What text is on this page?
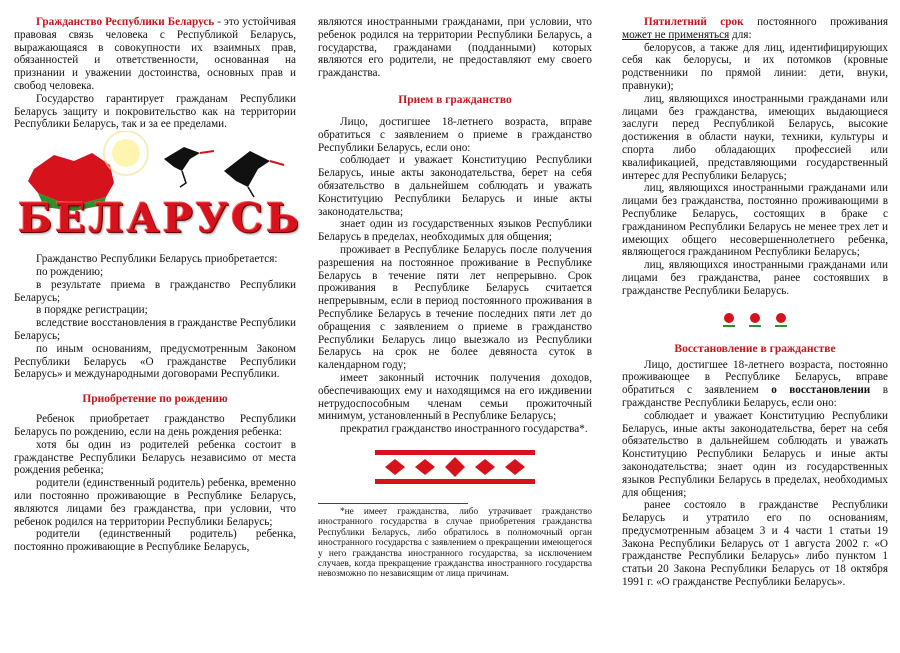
Гражданство Республики Беларусь - это устойчивая правовая связь человека с Республикой Беларусь, выражающаяся в совокупности их взаимных прав, обязанностей и ответственности, основанная на признании и уважении достоинства, основных прав и свобод человека.

Государство гарантирует гражданам Республики Беларусь защиту и покровительство как на территории Республики Беларусь, так и за ее пределами.

БЕЛАРУСЬ

Гражданство Республики Беларусь приобретается:

по рождению;

в результате приема в гражданство Республики Беларусь;

в порядке регистрации;

вследствие восстановления в гражданстве Республики Беларусь;

по иным основаниям, предусмотренным Законом Республики Беларусь «О гражданстве Республики Беларусь» и международными договорами Республики.

Приобретение по рождению

Ребенок приобретает гражданство Республики Беларусь по рождению, если на день рождения ребенка:

хотя бы один из родителей ребенка состоит в гражданстве Республики Беларусь независимо от места рождения ребенка;

родители (единственный родитель) ребенка, временно или постоянно проживающие в Республике Беларусь, являются лицами без гражданства, при условии, что ребенок родился на территории Республики Беларусь;

родители (единственный родитель) ребенка, постоянно проживающие в Республике Беларусь,

являются иностранными гражданами, при условии, что ребенок родился на территории Республики Беларусь, а государства, гражданами (подданными) которых являются его родители, не предоставляют ему своего гражданства.

Прием в гражданство

Лицо, достигшее 18-летнего возраста, вправе обратиться с заявлением о приеме в гражданство Республики Беларусь, если оно:

соблюдает и уважает Конституцию Республики Беларусь, иные акты законодательства, берет на себя обязательство в дальнейшем соблюдать и уважать Конституцию Республики Беларусь и иные акты законодательства;

знает один из государственных языков Республики Беларусь в пределах, необходимых для общения;

проживает в Республике Беларусь после получения разрешения на постоянное проживание в Республике Беларусь в течение пяти лет непрерывно. Срок проживания в Республике Беларусь считается непрерывным, если в период постоянного проживания в Республике Беларусь в течение последних пяти лет до обращения с заявлением о приеме в гражданство Республики Беларусь лицо выезжало из Республики Беларусь на срок не более девяноста суток в календарном году;

имеет законный источник получения доходов, обеспечивающих ему и находящимся на его иждивении нетрудоспособным членам семьи прожиточный минимум, установленный в Республике Беларусь;

прекратил гражданство иностранного государства*.

*не имеет гражданства, либо утрачивает гражданство иностранного государства в случае приобретения гражданства Республики Беларусь, либо обратилось в полномочный орган иностранного государства с заявлением о прекращении имеющегося у него гражданства иностранного государства, за исключением случаев, когда прекращение гражданства иностранного государства невозможно по независящим от лица причинам.

Пятилетний срок постоянного проживания может не применяться для:

белорусов, а также для лиц, идентифицирующих себя как белорусы, и их потомков (кровные родственники по прямой линии: дети, внуки, правнуки);

лиц, являющихся иностранными гражданами или лицами без гражданства, имеющих выдающиеся заслуги перед Республикой Беларусь, высокие достижения в области науки, техники, культуры и спорта либо обладающих профессией или квалификацией, представляющими государственный интерес для Республики Беларусь;

лиц, являющихся иностранными гражданами или лицами без гражданства, постоянно проживающими в Республике Беларусь, состоящих в браке с гражданином Республики Беларусь не менее трех лет и имеющих общего несовершеннолетнего ребенка, являющегося гражданином Республики Беларусь;

лиц, являющихся иностранными гражданами или лицами без гражданства, ранее состоявших в гражданстве Республики Беларусь.

Восстановление в гражданстве

Лицо, достигшее 18-летнего возраста, постоянно проживающее в Республике Беларусь, вправе обратиться с заявлением о восстановлении в гражданстве Республики Беларусь, если оно:

соблюдает и уважает Конституцию Республики Беларусь, иные акты законодательства, берет на себя обязательство в дальнейшем соблюдать и уважать Конституцию Республики Беларусь и иные акты законодательства; знает один из государственных языков Республики Беларусь в пределах, необходимых для общения;

ранее состояло в гражданстве Республики Беларусь и утратило его по основаниям, предусмотренным абзацем 3 и 4 части 1 статьи 19 Закона Республики Беларусь от 1 августа 2002 г. «О гражданстве Республики Беларусь» либо пунктом 1 статьи 20 Закона Республики Беларусь от 18 октября 1991 г. «О гражданстве Республики Беларусь».
